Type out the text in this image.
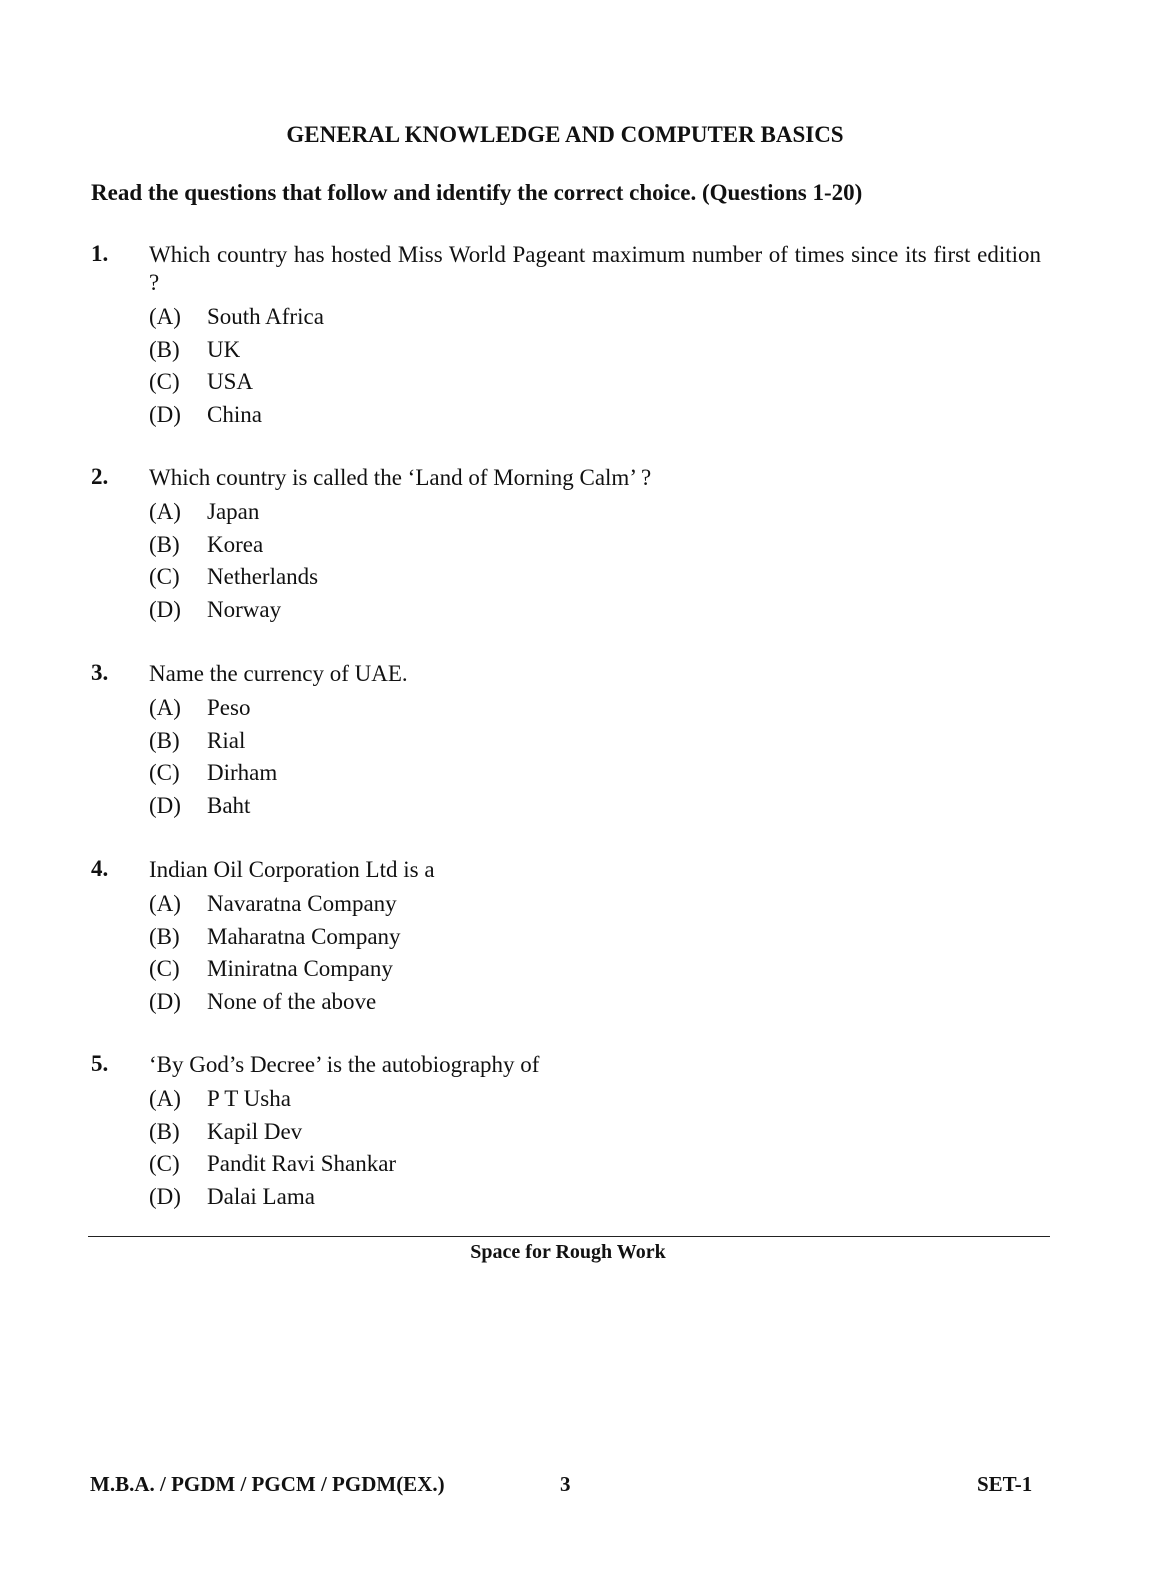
GENERAL KNOWLEDGE AND COMPUTER BASICS
Read the questions that follow and identify the correct choice. (Questions 1-20)
1. Which country has hosted Miss World Pageant maximum number of times since its first edition ?
(A) South Africa
(B) UK
(C) USA
(D) China
2. Which country is called the ‘Land of Morning Calm’ ?
(A) Japan
(B) Korea
(C) Netherlands
(D) Norway
3. Name the currency of UAE.
(A) Peso
(B) Rial
(C) Dirham
(D) Baht
4. Indian Oil Corporation Ltd is a
(A) Navaratna Company
(B) Maharatna Company
(C) Miniratna Company
(D) None of the above
5. ‘By God’s Decree’ is the autobiography of
(A) P T Usha
(B) Kapil Dev
(C) Pandit Ravi Shankar
(D) Dalai Lama
Space for Rough Work
M.B.A. / PGDM / PGCM / PGDM(EX.)	3	SET-1
